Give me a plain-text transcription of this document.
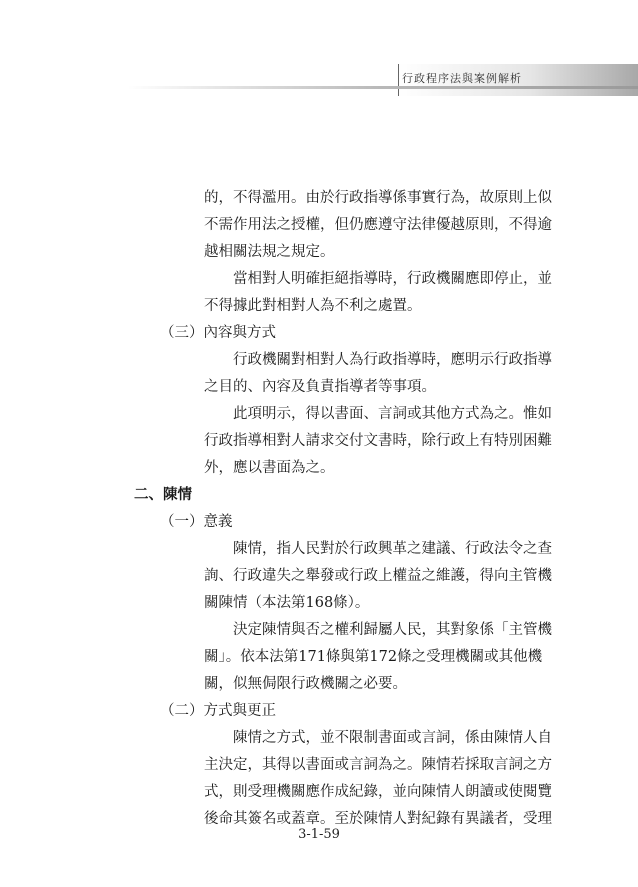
行政程序法與案例解析
的，不得濫用。由於行政指導係事實行為，故原則上似
不需作用法之授權，但仍應遵守法律優越原則，不得逾
越相關法規之規定。
當相對人明確拒絕指導時，行政機關應即停止，並
不得據此對相對人為不利之處置。
（三）內容與方式
行政機關對相對人為行政指導時，應明示行政指導
之目的、內容及負責指導者等事項。
此項明示，得以書面、言詞或其他方式為之。惟如
行政指導相對人請求交付文書時，除行政上有特別困難
外，應以書面為之。
二、陳情
（一）意義
陳情，指人民對於行政興革之建議、行政法令之查
詢、行政違失之舉發或行政上權益之維護，得向主管機
關陳情（本法第168條）。
決定陳情與否之權利歸屬人民，其對象係「主管機
關」。依本法第171條與第172條之受理機關或其他機
關，似無侷限行政機關之必要。
（二）方式與更正
陳情之方式，並不限制書面或言詞，係由陳情人自
主決定，其得以書面或言詞為之。陳情若採取言詞之方
式，則受理機關應作成紀錄，並向陳情人朗讀或使閱覽
後命其簽名或蓋章。至於陳情人對紀錄有異議者，受理
3-1-59
